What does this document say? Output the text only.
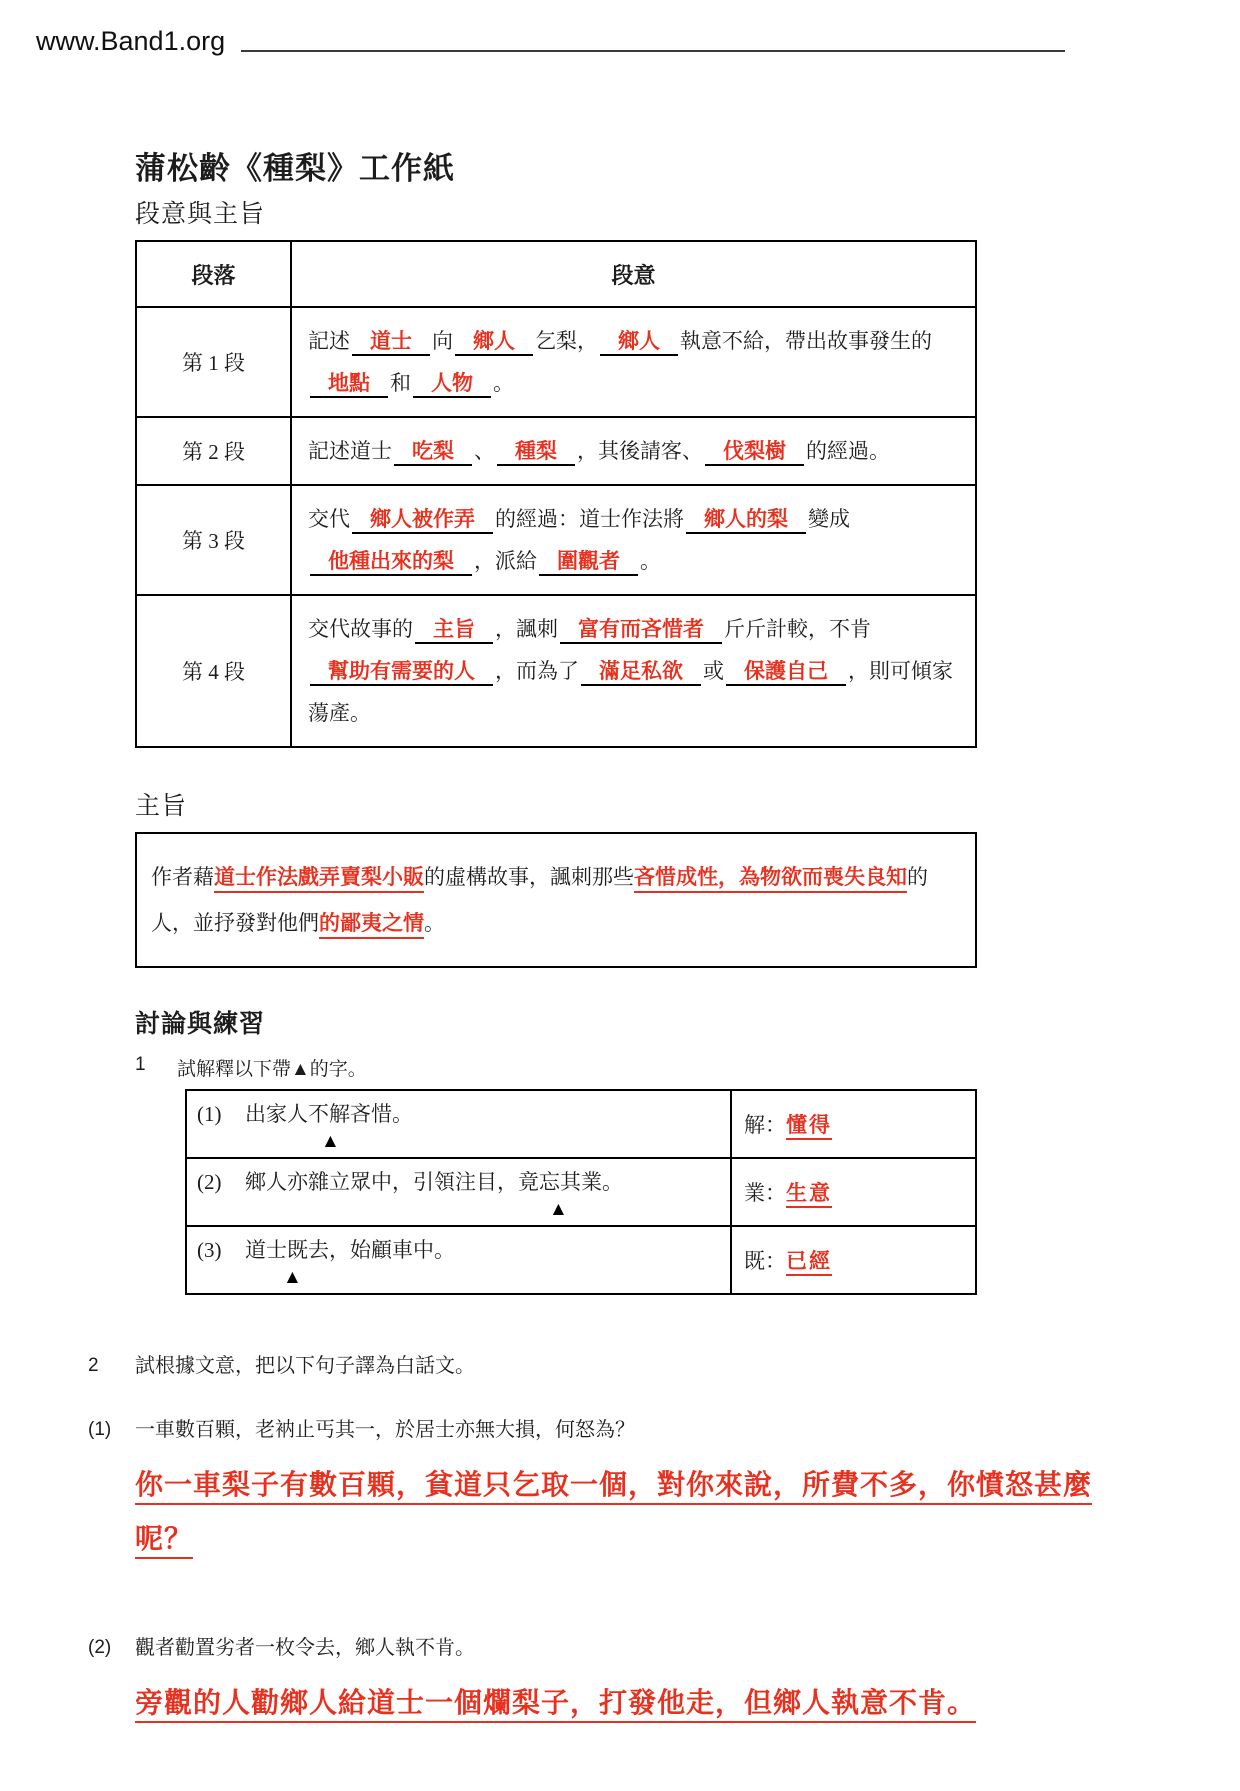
www.Band1.org
蒲松齡《種梨》工作紙
段意與主旨
段落	段意
第 1 段	記述 道士 向 鄉人 乞梨， 鄉人 執意不給，帶出故事發生的地點 和 人物 。
第 2 段	記述道士 吃梨 、 種梨 ，其後請客、 伐梨樹 的經過。
第 3 段	交代 鄉人被作弄 的經過：道士作法將 鄉人的梨 變成他種出來的梨 ，派給 圍觀者 。
第 4 段	交代故事的 主旨 ，諷刺 富有而吝惜者 斤斤計較，不肯幫助有需要的人 ，而為了 滿足私欲 或 保護自己 ，則可傾家蕩產。
主旨
作者藉道士作法戲弄賣梨小販的虛構故事，諷刺那些吝惜成性，為物欲而喪失良知的人，並抒發對他們的鄙夷之情。
討論與練習
1	試解釋以下帶▲的字。
(1) 出家人不解吝惜。
　　　　▲	解：懂得

(2) 鄉人亦雜立眾中，引領注目，竟忘其業。
　　　　　　　　　　　　　　　　▲	業：生意

(3) 道士既去，始顧車中。
　　▲	既：已經
2	試根據文意，把以下句子譯為白話文。
(1)	一車數百顆，老衲止丐其一，於居士亦無大損，何怒為？
你一車梨子有數百顆，貧道只乞取一個，對你來說，所費不多，你憤怒甚麼呢？
(2)	觀者勸置劣者一枚令去，鄉人執不肯。
旁觀的人勸鄉人給道士一個爛梨子，打發他走，但鄉人執意不肯。
